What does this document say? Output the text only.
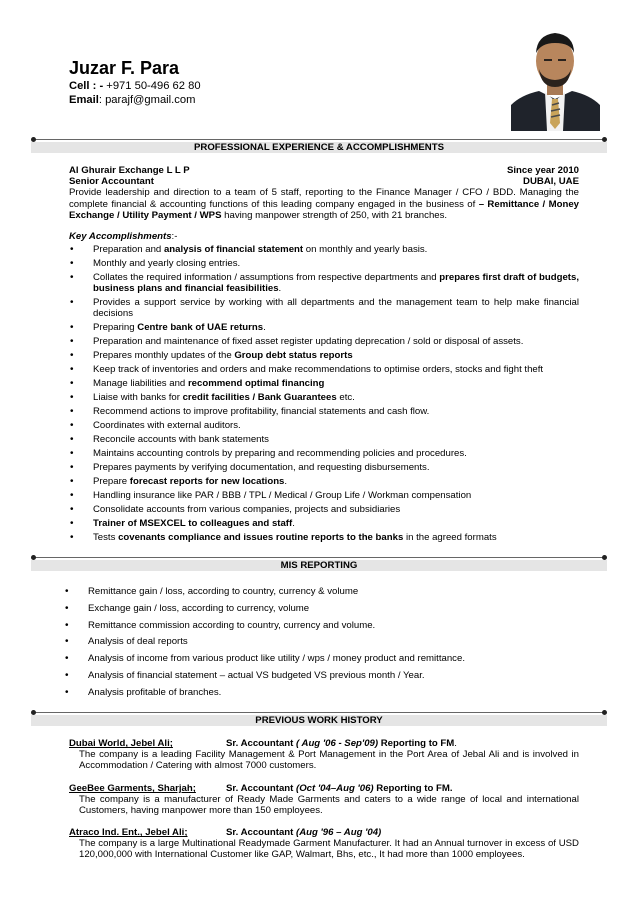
Juzar F. Para
Cell : - +971 50-496 62 80
Email: parajf@gmail.com
PROFESSIONAL EXPERIENCE & ACCOMPLISHMENTS
Al Ghurair Exchange L L P	Since year 2010
Senior Accountant	DUBAI, UAE
Provide leadership and direction to a team of 5 staff, reporting to the Finance Manager / CFO / BDD. Managing the complete financial & accounting functions of this leading company engaged in the business of – Remittance / Money Exchange / Utility Payment / WPS having manpower strength of 250, with 21 branches.
Key Accomplishments:-
• Preparation and analysis of financial statement on monthly and yearly basis.
• Monthly and yearly closing entries.
• Collates the required information / assumptions from respective departments and prepares first draft of budgets, business plans and financial feasibilities.
• Provides a support service by working with all departments and the management team to help make financial decisions
• Preparing Centre bank of UAE returns.
• Preparation and maintenance of fixed asset register updating deprecation / sold or disposal of assets.
• Prepares monthly updates of the Group debt status reports
• Keep track of inventories and orders and make recommendations to optimise orders, stocks and fight theft
• Manage liabilities and recommend optimal financing
• Liaise with banks for credit facilities / Bank Guarantees etc.
• Recommend actions to improve profitability, financial statements and cash flow.
• Coordinates with external auditors.
• Reconcile accounts with bank statements
• Maintains accounting controls by preparing and recommending policies and procedures.
• Prepares payments by verifying documentation, and requesting disbursements.
• Prepare forecast reports for new locations.
• Handling insurance like PAR / BBB / TPL / Medical / Group Life / Workman compensation
• Consolidate accounts from various companies, projects and subsidiaries
• Trainer of MSEXCEL to colleagues and staff.
• Tests covenants compliance and issues routine reports to the banks in the agreed formats
MIS REPORTING
• Remittance gain / loss, according to country, currency & volume
• Exchange gain / loss, according to currency, volume
• Remittance commission according to country, currency and volume.
• Analysis of deal reports
• Analysis of income from various product like utility / wps / money product and remittance.
• Analysis of financial statement – actual VS budgeted VS previous month / Year.
• Analysis profitable of branches.
PREVIOUS WORK HISTORY
Dubai World, Jebel Ali;	Sr. Accountant ( Aug '06 - Sep'09) Reporting to FM.
The company is a leading Facility Management & Port Management in the Port Area of Jebal Ali and is involved in Accommodation / Catering with almost 7000 customers.
GeeBee Garments, Sharjah;	Sr. Accountant (Oct '04–Aug '06) Reporting to FM.
The company is a manufacturer of Ready Made Garments and caters to a wide range of local and international Customers, having manpower more than 150 employees.
Atraco Ind. Ent., Jebel Ali;	Sr. Accountant (Aug '96 – Aug '04)
The company is a large Multinational Readymade Garment Manufacturer. It had an Annual turnover in excess of USD 120,000,000 with International Customer like GAP, Walmart, Bhs, etc., It had more than 1000 employees.
